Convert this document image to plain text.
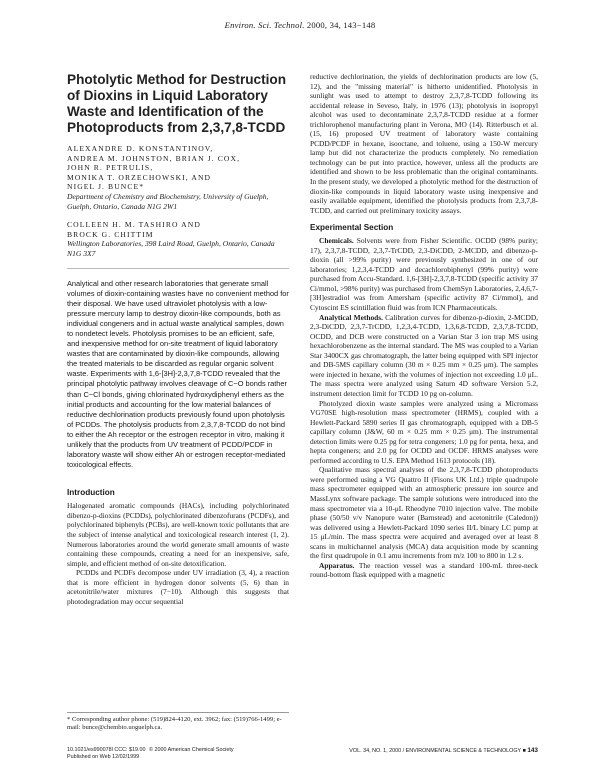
Environ. Sci. Technol. 2000, 34, 143−148
Photolytic Method for Destruction of Dioxins in Liquid Laboratory Waste and Identification of the Photoproducts from 2,3,7,8-TCDD
ALEXANDRE D. KONSTANTINOV,
ANDREA M. JOHNSTON, BRIAN J. COX,
JOHN R. PETRULIS,
MONIKA T. ORZECHOWSKI, AND
NIGEL J. BUNCE*

Department of Chemistry and Biochemistry, University of Guelph, Guelph, Ontario, Canada N1G 2W1

COLLEEN H. M. TASHIRO AND
BROCK G. CHITTIM

Wellington Laboratories, 398 Laird Road, Guelph, Ontario, Canada N1G 3X7

Analytical and other research laboratories that generate small volumes of dioxin-containing wastes have no convenient method for their disposal. We have used ultraviolet photolysis with a low-pressure mercury lamp to destroy dioxin-like compounds, both as individual congeners and in actual waste analytical samples, down to nondetect levels. Photolysis promises to be an efficient, safe, and inexpensive method for on-site treatment of liquid laboratory wastes that are contaminated by dioxin-like compounds, allowing the treated materials to be discarded as regular organic solvent waste. Experiments with 1,6-[3H]-2,3,7,8-TCDD revealed that the principal photolytic pathway involves cleavage of C−O bonds rather than C−Cl bonds, giving chlorinated hydroxydiphenyl ethers as the initial products and accounting for the low material balances of reductive dechlorination products previously found upon photolysis of PCDDs. The photolysis products from 2,3,7,8-TCDD do not bind to either the Ah receptor or the estrogen receptor in vitro, making it unlikely that the products from UV treatment of PCDD/PCDF in laboratory waste will show either Ah or estrogen receptor-mediated toxicological effects.

Introduction

Halogenated aromatic compounds (HACs), including polychlorinated dibenzo-p-dioxins (PCDDs), polychlorinated dibenzofurans (PCDFs), and polychlorinated biphenyls (PCBs), are well-known toxic pollutants that are the subject of intense analytical and toxicological research interest (1, 2). Numerous laboratories around the world generate small amounts of waste containing these compounds, creating a need for an inexpensive, safe, simple, and efficient method of on-site detoxification.

PCDDs and PCDFs decompose under UV irradiation (3, 4), a reaction that is more efficient in hydrogen donor solvents (5, 6) than in acetonitrile/water mixtures (7−10). Although this suggests that photodegradation may occur sequential

* Corresponding author phone: (519)824-4120, ext. 3962; fax: (519)766-1499; e-mail: bunce@chembio.uoguelph.ca.

reductive dechlorination, the yields of dechlorination products are low (5, 12), and the "missing material" is hitherto unidentified. Photolysis in sunlight was used to attempt to destroy 2,3,7,8-TCDD following its accidental release in Seveso, Italy, in 1976 (13); photolysis in isopropyl alcohol was used to decontaminate 2,3,7,8-TCDD residue at a former trichlorophenol manufacturing plant in Verona, MO (14). Ritterbusch et al. (15, 16) proposed UV treatment of laboratory waste containing PCDD/PCDF in hexane, isooctane, and toluene, using a 150-W mercury lamp but did not characterize the products completely. No remediation technology can be put into practice, however, unless all the products are identified and shown to be less problematic than the original contaminants. In the present study, we developed a photolytic method for the destruction of dioxin-like compounds in liquid laboratory waste using inexpensive and easily available equipment, identified the photolysis products from 2,3,7,8-TCDD, and carried out preliminary toxicity assays.

Experimental Section

Chemicals. Solvents were from Fisher Scientific. OCDD (98% purity; 17), 2,3,7,8-TCDD, 2,3,7-TrCDD, 2,3-DiCDD, 2-MCDD, and dibenzo-p-dioxin (all >99% purity) were previously synthesized in one of our laboratories; 1,2,3,4-TCDD and decachlorobiphenyl (99% purity) were purchased from Accu-Standard. 1,6-[3H]-2,3,7,8-TCDD (specific activity 37 Ci/mmol, >98% purity) was purchased from ChemSyn Laboratories, 2,4,6,7-[3H]estradiol was from Amersham (specific activity 87 Ci/mmol), and Cytoscint ES scintillation fluid was from ICN Pharmaceuticals.

Analytical Methods. Calibration curves for dibenzo-p-dioxin, 2-MCDD, 2,3-DiCDD, 2,3,7-TrCDD, 1,2,3,4-TCDD, 1,3,6,8-TCDD, 2,3,7,8-TCDD, OCDD, and DCB were constructed on a Varian Star 3 ion trap MS using hexachlorobenzene as the internal standard. The MS was coupled to a Varian Star 3400CX gas chromatograph, the latter being equipped with SPI injector and DB-5MS capillary column (30 m × 0.25 mm × 0.25 μm). The samples were injected in hexane, with the volumes of injection not exceeding 1.0 μL. The mass spectra were analyzed using Saturn 4D software Version 5.2, instrument detection limit for TCDD 10 pg on-column.

Photolyzed dioxin waste samples were analyzed using a Micromass VG70SE high-resolution mass spectrometer (HRMS), coupled with a Hewlett-Packard 5890 series II gas chromatograph, equipped with a DB-5 capillary column (J&W, 60 m × 0.25 mm × 0.25 μm). The instrumental detection limits were 0.25 pg for tetra congeners; 1.0 pg for penta, hexa, and hepta congeners; and 2.0 pg for OCDD and OCDF. HRMS analyses were performed according to U.S. EPA Method 1613 protocols (18).

Qualitative mass spectral analyses of the 2,3,7,8-TCDD photoproducts were performed using a VG Quattro II (Fisons UK Ltd.) triple quadrupole mass spectrometer equipped with an atmospheric pressure ion source and MassLynx software package. The sample solutions were introduced into the mass spectrometer via a 10-μL Rheodyne 7010 injection valve. The mobile phase (50/50 v/v Nanopure water (Barnstead) and acetonitrile (Caledon)) was delivered using a Hewlett-Packard 1090 series II/L binary LC pump at 15 μL/min. The mass spectra were acquired and averaged over at least 8 scans in multichannel analysis (MCA) data acquisition mode by scanning the first quadrupole in 0.1 amu increments from m/z 100 to 800 in 1.2 s.

Apparatus. The reaction vessel was a standard 100-mL three-neck round-bottom flask equipped with a magnetic

10.1021/es990078l CCC: $19.00
Published on Web 12/02/1999
© 2000 American Chemical Society	VOL. 34, NO. 1, 2000 / ENVIRONMENTAL SCIENCE & TECHNOLOGY ■ 143
